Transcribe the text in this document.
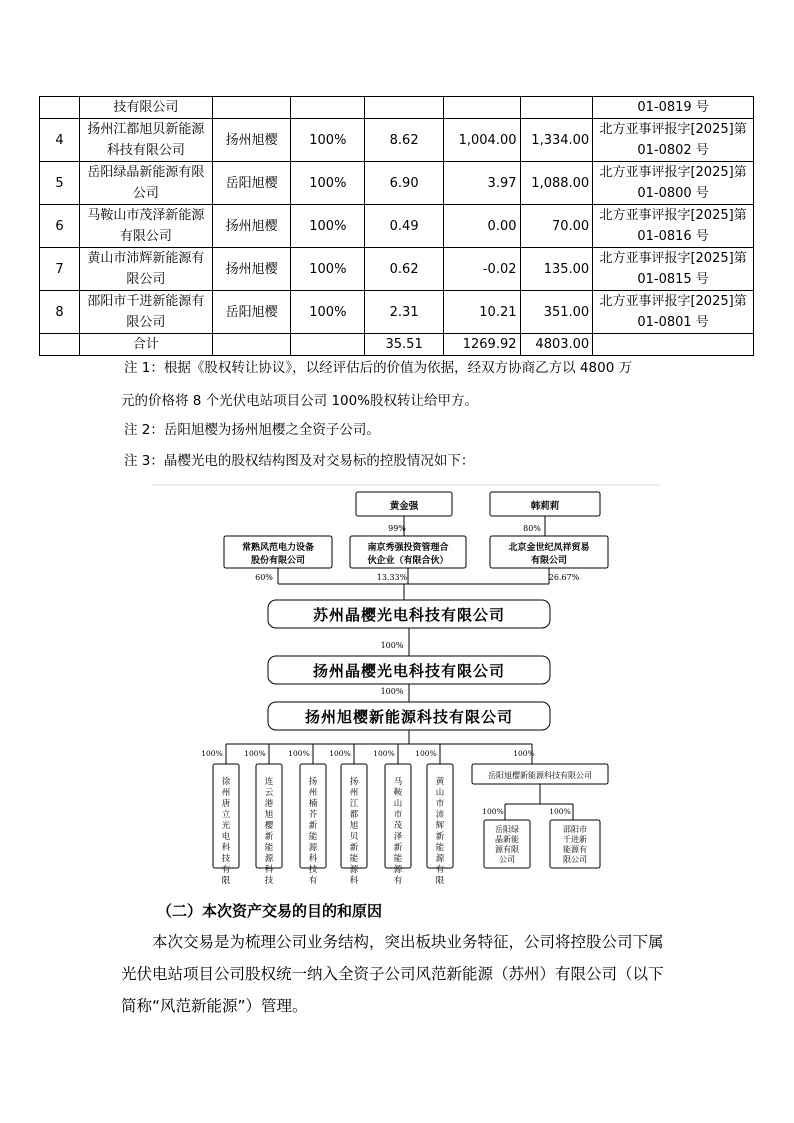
	技有限公司						01-0819 号
4	扬州江都旭贝新能源科技有限公司	扬州旭樱	100%	8.62	1,004.00	1,334.00	北方亚事评报字[2025]第01-0802 号
5	岳阳绿晶新能源有限公司	岳阳旭樱	100%	6.90	3.97	1,088.00	北方亚事评报字[2025]第01-0800 号
6	马鞍山市茂泽新能源有限公司	扬州旭樱	100%	0.49	0.00	70.00	北方亚事评报字[2025]第01-0816 号
7	黄山市沛辉新能源有限公司	扬州旭樱	100%	0.62	-0.02	135.00	北方亚事评报字[2025]第01-0815 号
8	邵阳市千进新能源有限公司	岳阳旭樱	100%	2.31	10.21	351.00	北方亚事评报字[2025]第01-0801 号
	合计			35.51	1269.92	4803.00	
注 1：根据《股权转让协议》，以经评估后的价值为依据，经双方协商乙方以 4800 万
元的价格将 8 个光伏电站项目公司 100%股权转让给甲方。
注 2：岳阳旭樱为扬州旭樱之全资子公司。
注 3：晶樱光电的股权结构图及对交易标的控股情况如下：
黄金强	韩莉莉
99%	80%
常熟风范电力设备
股份有限公司
南京秀强投资管理合
伙企业（有限合伙）
北京金世纪凤祥贸易
有限公司
60%	13.33%	26.67%
苏州晶樱光电科技有限公司
100%
扬州晶樱光电科技有限公司
100%
扬州旭樱新能源科技有限公司
100%
徐州唐立光电科技有限
100%
连云港旭樱新能源科技
100%
扬州楠芥新能源科技有
100%
扬州江都旭贝新能源科
100%
马鞍山市茂泽新能源有
100%
黄山市沛辉新能源有限
100%
岳阳旭樱新能源科技有限公司
100%	100%
岳阳绿
晶新能
源有限
公司
邵阳市
千进新
能源有
限公司
（二）本次资产交易的目的和原因
本次交易是为梳理公司业务结构，突出板块业务特征，公司将控股公司下属
光伏电站项目公司股权统一纳入全资子公司风范新能源（苏州）有限公司（以下
简称“风范新能源”）管理。
